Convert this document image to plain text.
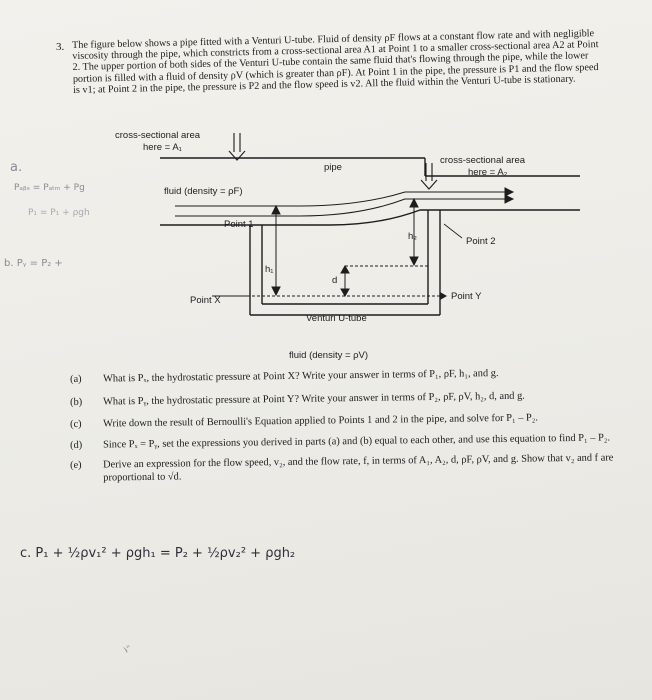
3. The figure below shows a pipe fitted with a Venturi U-tube. Fluid of density ρF flows at a constant flow rate and with negligible viscosity through the pipe, which constricts from a cross-sectional area A1 at Point 1 to a smaller cross-sectional area A2 at Point 2. The upper portion of both sides of the Venturi U-tube contain the same fluid that's flowing through the pipe, while the lower portion is filled with a fluid of density ρV (which is greater than ρF). At Point 1 in the pipe, the pressure is P1 and the flow speed is v1; at Point 2 in the pipe, the pressure is P2 and the flow speed is v2. All the fluid within the Venturi U-tube is stationary.
cross-sectional area
here = A₁
pipe
cross-sectional area
here = A₂
fluid (density = ρF)
Point 1
h₂	Point 2
h₁
d
Point X	Point Y
Venturi U-tube
fluid (density = ρV)
(a) What is Pₓ, the hydrostatic pressure at Point X? Write your answer in terms of P₁, ρF, h₁, and g.
(b) What is Pᵧ, the hydrostatic pressure at Point Y? Write your answer in terms of P₂, ρF, ρV, h₂, d, and g.
(c) Write down the result of Bernoulli's Equation applied to Points 1 and 2 in the pipe, and solve for P₁ – P₂.
(d) Since Pₓ = Pᵧ, set the expressions you derived in parts (a) and (b) equal to each other, and use this equation to find P₁ – P₂.
(e) Derive an expression for the flow speed, v₂, and the flow rate, f, in terms of A₁, A₂, d, ρF, ρV, and g. Show that v₂ and f are proportional to √d.
a.
Pₐᵦₛ = Pₐₜₘ + Pg
P₁ = P₁ + ρgh
b. Pᵧ = P₂ +
c. P₁ + ½ρv₁² + ρgh₁ = P₂ + ½ρv₂² + ρgh₂
ヾ
